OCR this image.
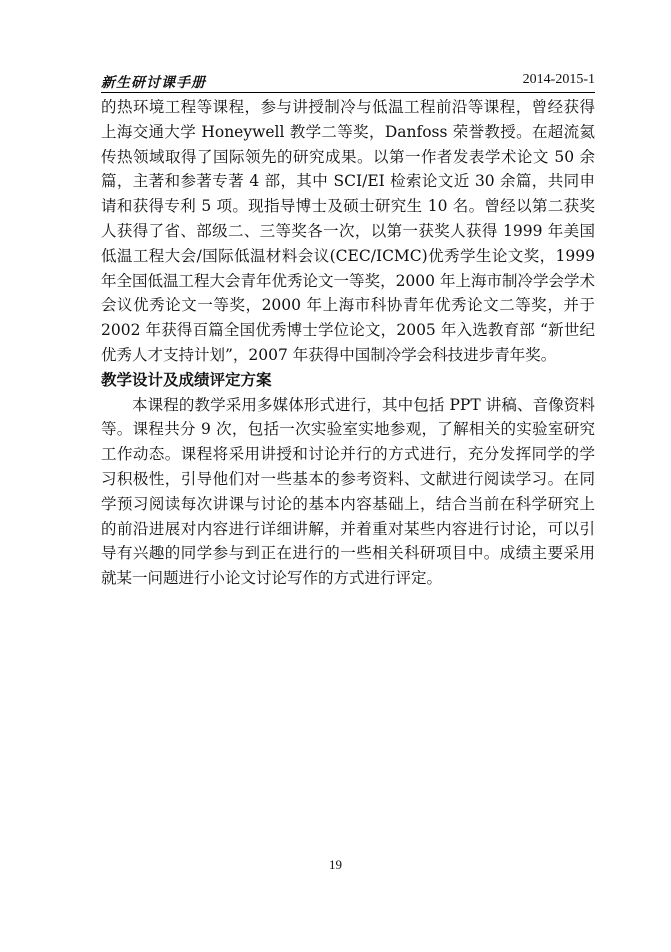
新生研讨课手册	2014-2015-1

的热环境工程等课程，参与讲授制冷与低温工程前沿等课程，曾经获得上海交通大学 Honeywell 教学二等奖，Danfoss 荣誉教授。在超流氦传热领域取得了国际领先的研究成果。以第一作者发表学术论文 50 余篇，主著和参著专著 4 部，其中 SCI/EI 检索论文近 30 余篇，共同申请和获得专利 5 项。现指导博士及硕士研究生 10 名。曾经以第二获奖人获得了省、部级二、三等奖各一次，以第一获奖人获得 1999 年美国低温工程大会/国际低温材料会议(CEC/ICMC)优秀学生论文奖，1999 年全国低温工程大会青年优秀论文一等奖，2000 年上海市制冷学会学术会议优秀论文一等奖，2000 年上海市科协青年优秀论文二等奖，并于 2002 年获得百篇全国优秀博士学位论文，2005 年入选教育部 “新世纪优秀人才支持计划”，2007 年获得中国制冷学会科技进步青年奖。

教学设计及成绩评定方案

本课程的教学采用多媒体形式进行，其中包括 PPT 讲稿、音像资料等。课程共分 9 次，包括一次实验室实地参观，了解相关的实验室研究工作动态。课程将采用讲授和讨论并行的方式进行，充分发挥同学的学习积极性，引导他们对一些基本的参考资料、文献进行阅读学习。在同学预习阅读每次讲课与讨论的基本内容基础上，结合当前在科学研究上的前沿进展对内容进行详细讲解，并着重对某些内容进行讨论，可以引导有兴趣的同学参与到正在进行的一些相关科研项目中。成绩主要采用就某一问题进行小论文讨论写作的方式进行评定。

19
